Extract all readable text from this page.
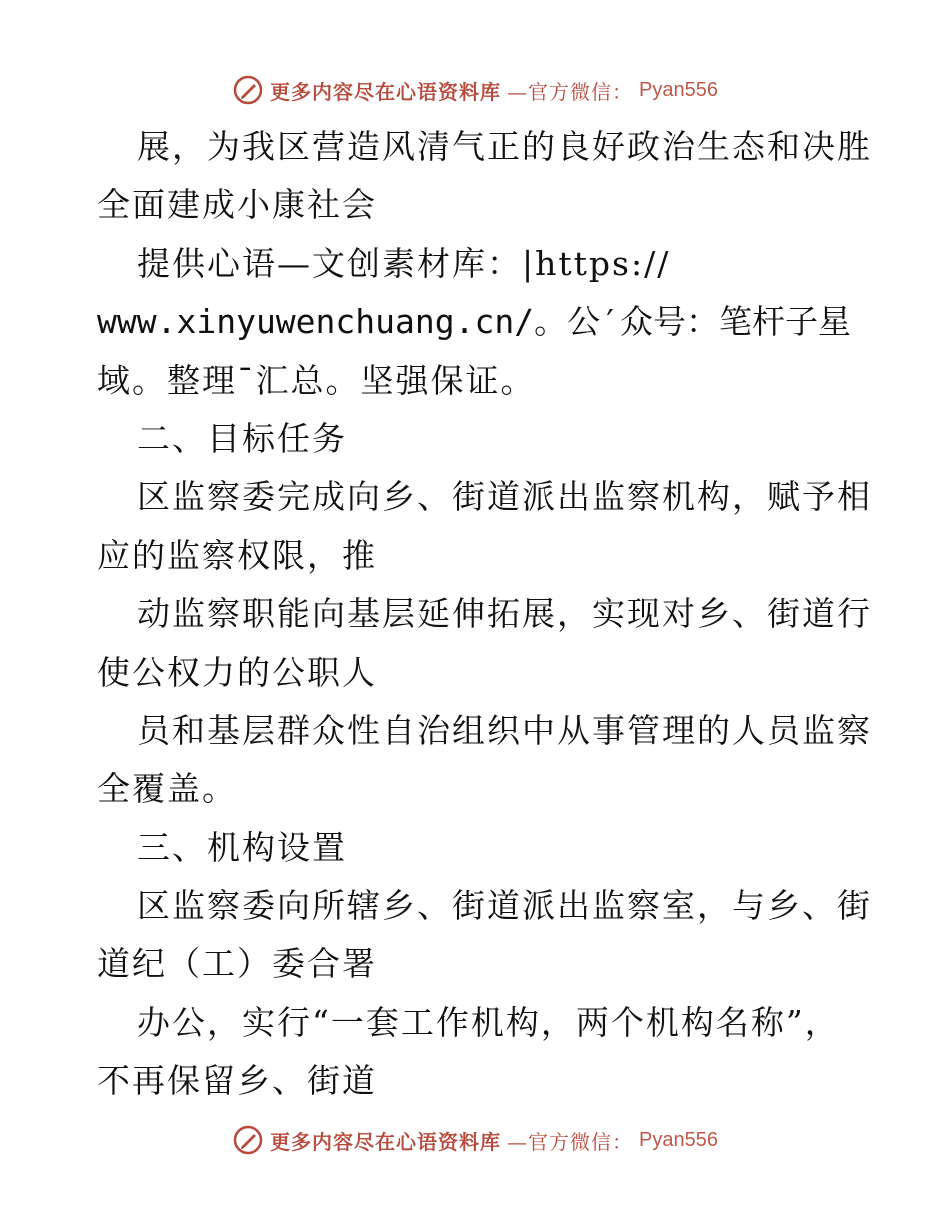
更多内容尽在心语资料库 —官方微信： Pyan556
展，为我区营造风清气正的良好政治生态和决胜
全面建成小康社会
提供心语—文创素材库：|https://
www.xinyuwenchuang.cn/。公′众号：笔杆子星
域。整理¯汇总。坚强保证。
二、目标任务
区监察委完成向乡、街道派出监察机构，赋予相
应的监察权限，推
动监察职能向基层延伸拓展，实现对乡、街道行
使公权力的公职人
员和基层群众性自治组织中从事管理的人员监察
全覆盖。
三、机构设置
区监察委向所辖乡、街道派出监察室，与乡、街
道纪（工）委合署
办公，实行“一套工作机构，两个机构名称”，
不再保留乡、街道
更多内容尽在心语资料库 —官方微信： Pyan556
